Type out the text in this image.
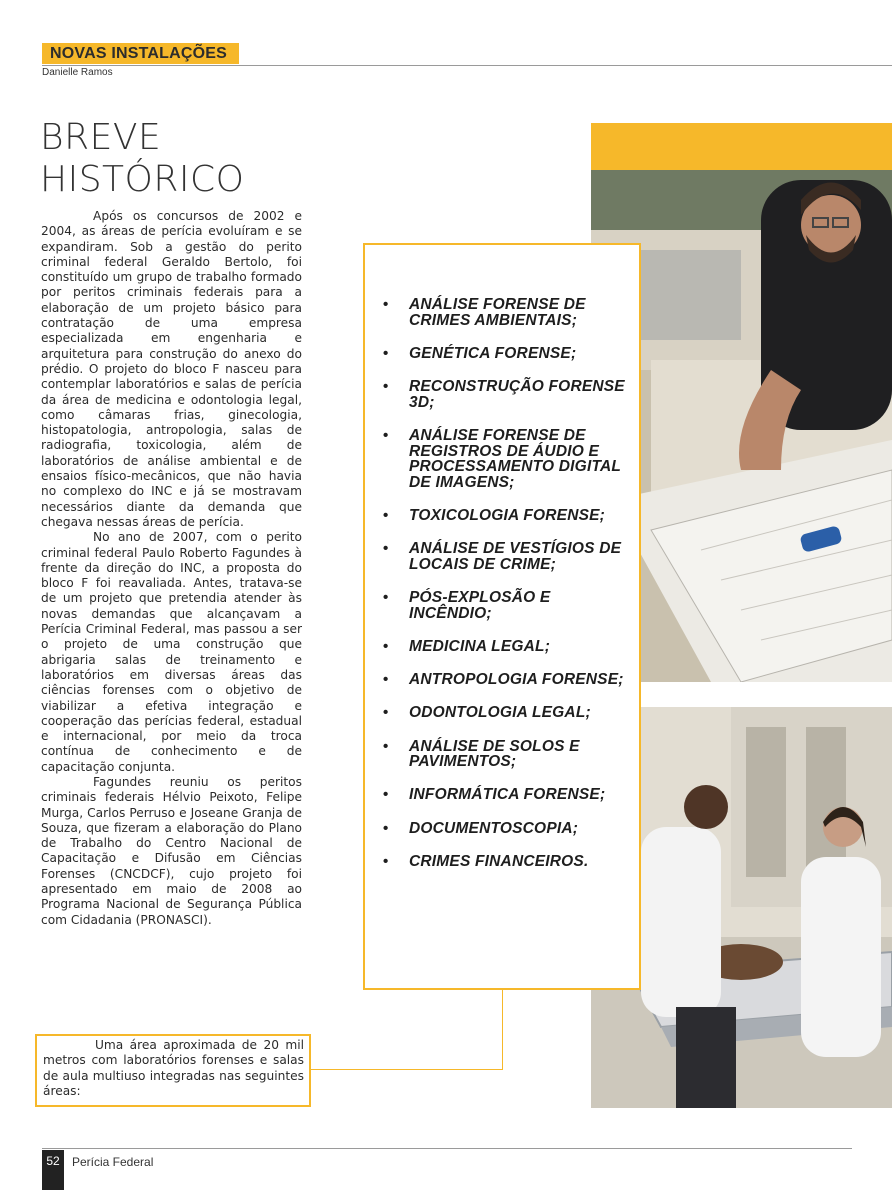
NOVAS INSTALAÇÕES
Danielle Ramos
BREVE
HISTÓRICO

Após os concursos de 2002 e 2004, as áreas de perícia evoluíram e se expandiram. Sob a gestão do perito criminal federal Geraldo Bertolo, foi constituído um grupo de trabalho formado por peritos criminais federais para a elaboração de um projeto básico para contratação de uma empresa especializada em engenharia e arquitetura para construção do anexo do prédio. O projeto do bloco F nasceu para contemplar laboratórios e salas de perícia da área de medicina e odontologia legal, como câmaras frias, ginecologia, histopatologia, antropologia, salas de radiografia, toxicologia, além de laboratórios de análise ambiental e de ensaios físico-mecânicos, que não havia no complexo do INC e já se mostravam necessários diante da demanda que chegava nessas áreas de perícia.

No ano de 2007, com o perito criminal federal Paulo Roberto Fagundes à frente da direção do INC, a proposta do bloco F foi reavaliada. Antes, tratava-se de um projeto que pretendia atender às novas demandas que alcançavam a Perícia Criminal Federal, mas passou a ser o projeto de uma construção que abrigaria salas de treinamento e laboratórios em diversas áreas das ciências forenses com o objetivo de viabilizar a efetiva integração e cooperação das perícias federal, estadual e internacional, por meio da troca contínua de conhecimento e de capacitação conjunta.

Fagundes reuniu os peritos criminais federais Hélvio Peixoto, Felipe Murga, Carlos Perruso e Joseane Granja de Souza, que fizeram a elaboração do Plano de Trabalho do Centro Nacional de Capacitação e Difusão em Ciências Forenses (CNCDCF), cujo projeto foi apresentado em maio de 2008 ao Programa Nacional de Segurança Pública com Cidadania (PRONASCI).

Uma área aproximada de 20 mil metros com laboratórios forenses e salas de aula multiuso integradas nas seguintes áreas:

• ANÁLISE FORENSE DE CRIMES AMBIENTAIS;
• GENÉTICA FORENSE;
• RECONSTRUÇÃO FORENSE 3D;
• ANÁLISE FORENSE DE REGISTROS DE ÁUDIO E PROCESSAMENTO DIGITAL DE IMAGENS;
• TOXICOLOGIA FORENSE;
• ANÁLISE DE VESTÍGIOS DE LOCAIS DE CRIME;
• PÓS-EXPLOSÃO E INCÊNDIO;
• MEDICINA LEGAL;
• ANTROPOLOGIA FORENSE;
• ODONTOLOGIA LEGAL;
• ANÁLISE DE SOLOS E PAVIMENTOS;
• INFORMÁTICA FORENSE;
• DOCUMENTOSCOPIA;
• CRIMES FINANCEIROS.
52	Perícia Federal
